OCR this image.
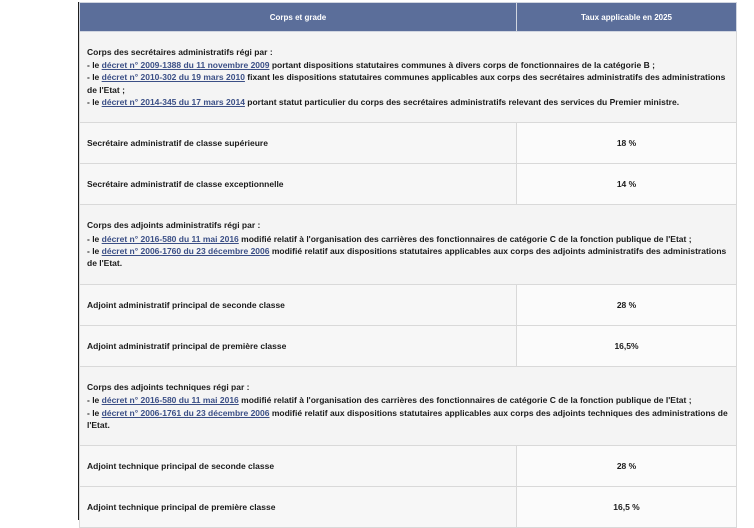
Corps et grade	Taux applicable en 2025

Corps des secrétaires administratifs régi par :
- le décret n° 2009-1388 du 11 novembre 2009 portant dispositions statutaires communes à divers corps de fonctionnaires de la catégorie B ;
- le décret n° 2010-302 du 19 mars 2010 fixant les dispositions statutaires communes applicables aux corps des secrétaires administratifs des administrations de l'Etat ;
- le décret n° 2014-345 du 17 mars 2014 portant statut particulier du corps des secrétaires administratifs relevant des services du Premier ministre.	

Secrétaire administratif de classe supérieure	18 %
Secrétaire administratif de classe exceptionnelle	14 %

Corps des adjoints administratifs régi par :
- le décret n° 2016-580 du 11 mai 2016 modifié relatif à l'organisation des carrières des fonctionnaires de catégorie C de la fonction publique de l'Etat ;
- le décret n° 2006-1760 du 23 décembre 2006 modifié relatif aux dispositions statutaires applicables aux corps des adjoints administratifs des administrations de l'Etat.	

Adjoint administratif principal de seconde classe	28 %
Adjoint administratif principal de première classe	16,5%

Corps des adjoints techniques régi par :
- le décret n° 2016-580 du 11 mai 2016 modifié relatif à l'organisation des carrières des fonctionnaires de catégorie C de la fonction publique de l'Etat ;
- le décret n° 2006-1761 du 23 décembre 2006 modifié relatif aux dispositions statutaires applicables aux corps des adjoints techniques des administrations de l'Etat.	

Adjoint technique principal de seconde classe	28 %
Adjoint technique principal de première classe	16,5 %
